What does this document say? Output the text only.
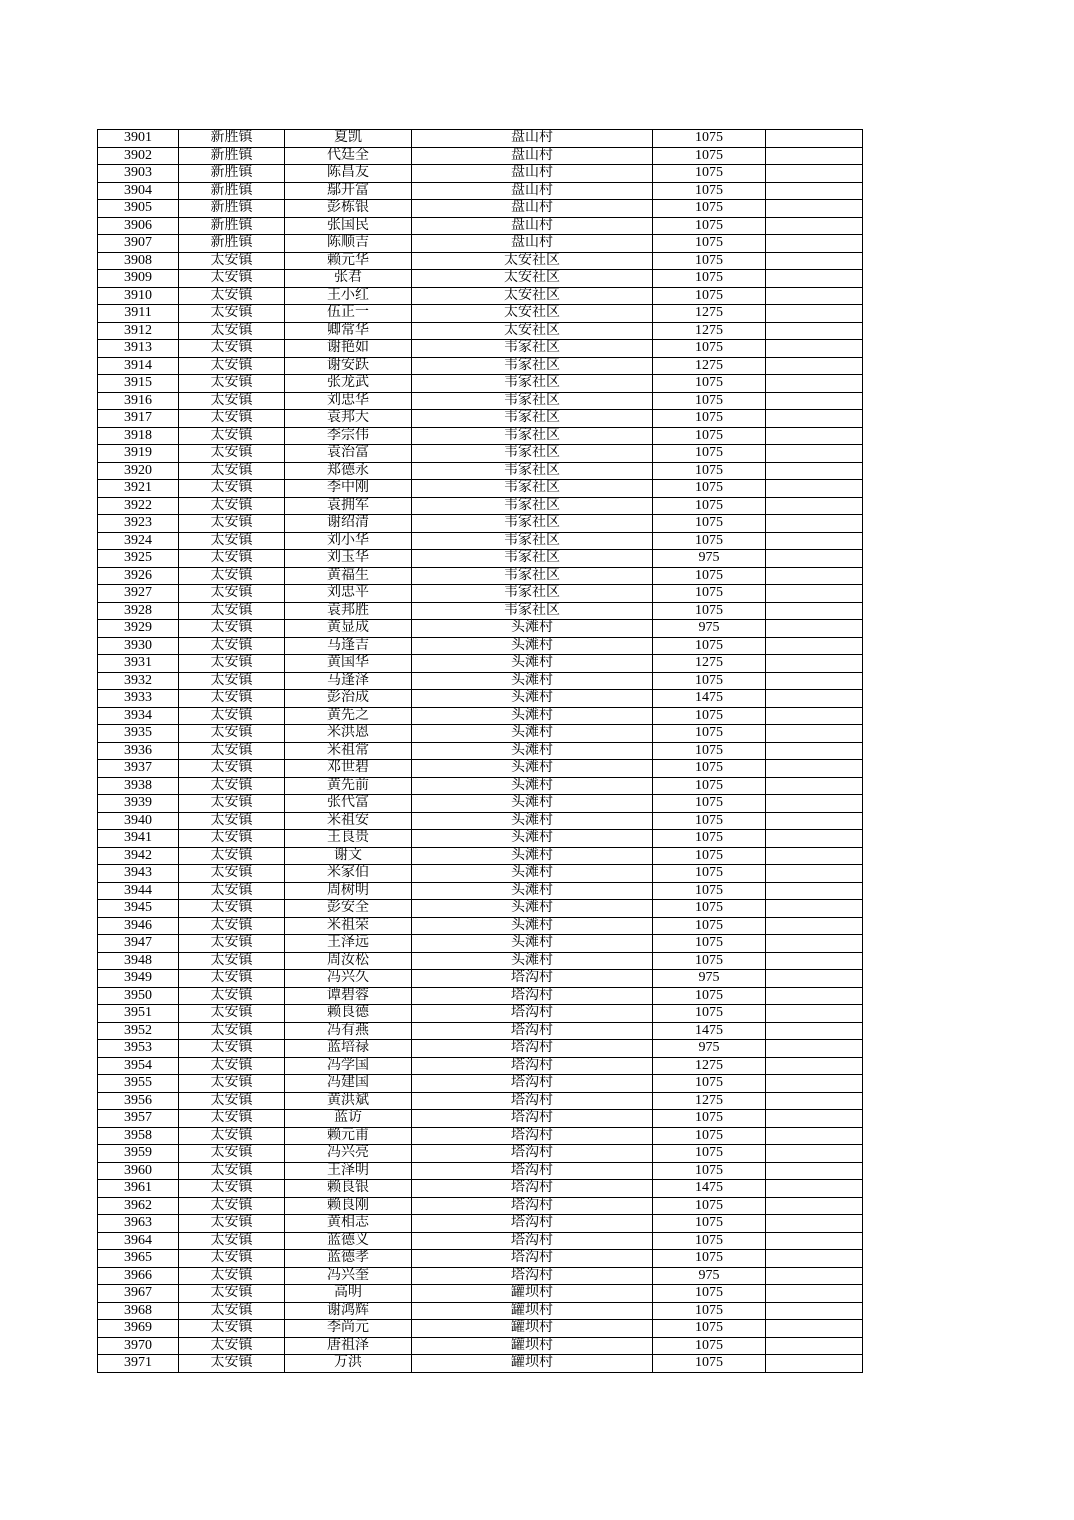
3901	新胜镇	夏凯	盘山村	1075	
3902	新胜镇	代廷全	盘山村	1075	
3903	新胜镇	陈昌友	盘山村	1075	
3904	新胜镇	鄢开富	盘山村	1075	
3905	新胜镇	彭栋银	盘山村	1075	
3906	新胜镇	张国民	盘山村	1075	
3907	新胜镇	陈顺吉	盘山村	1075	
3908	太安镇	赖元华	太安社区	1075	
3909	太安镇	张君	太安社区	1075	
3910	太安镇	王小红	太安社区	1075	
3911	太安镇	伍正一	太安社区	1275	
3912	太安镇	卿常华	太安社区	1275	
3913	太安镇	谢艳如	韦家社区	1075	
3914	太安镇	谢安跃	韦家社区	1275	
3915	太安镇	张龙武	韦家社区	1075	
3916	太安镇	刘忠华	韦家社区	1075	
3917	太安镇	袁邦大	韦家社区	1075	
3918	太安镇	李宗伟	韦家社区	1075	
3919	太安镇	袁治富	韦家社区	1075	
3920	太安镇	郑德永	韦家社区	1075	
3921	太安镇	李中刚	韦家社区	1075	
3922	太安镇	袁拥军	韦家社区	1075	
3923	太安镇	谢绍清	韦家社区	1075	
3924	太安镇	刘小华	韦家社区	1075	
3925	太安镇	刘玉华	韦家社区	975	
3926	太安镇	黄福生	韦家社区	1075	
3927	太安镇	刘忠平	韦家社区	1075	
3928	太安镇	袁邦胜	韦家社区	1075	
3929	太安镇	黄显成	头滩村	975	
3930	太安镇	马逢吉	头滩村	1075	
3931	太安镇	黄国华	头滩村	1275	
3932	太安镇	马逢泽	头滩村	1075	
3933	太安镇	彭治成	头滩村	1475	
3934	太安镇	黄先之	头滩村	1075	
3935	太安镇	米洪恩	头滩村	1075	
3936	太安镇	米祖常	头滩村	1075	
3937	太安镇	邓世碧	头滩村	1075	
3938	太安镇	黄先前	头滩村	1075	
3939	太安镇	张代富	头滩村	1075	
3940	太安镇	米祖安	头滩村	1075	
3941	太安镇	王良贵	头滩村	1075	
3942	太安镇	谢文	头滩村	1075	
3943	太安镇	米家伯	头滩村	1075	
3944	太安镇	周树明	头滩村	1075	
3945	太安镇	彭安全	头滩村	1075	
3946	太安镇	米祖荣	头滩村	1075	
3947	太安镇	王泽远	头滩村	1075	
3948	太安镇	周汝松	头滩村	1075	
3949	太安镇	冯兴久	塔沟村	975	
3950	太安镇	谭碧蓉	塔沟村	1075	
3951	太安镇	赖良德	塔沟村	1075	
3952	太安镇	冯有燕	塔沟村	1475	
3953	太安镇	蓝培禄	塔沟村	975	
3954	太安镇	冯学国	塔沟村	1275	
3955	太安镇	冯建国	塔沟村	1075	
3956	太安镇	黄洪斌	塔沟村	1275	
3957	太安镇	蓝访	塔沟村	1075	
3958	太安镇	赖元甫	塔沟村	1075	
3959	太安镇	冯兴亮	塔沟村	1075	
3960	太安镇	王泽明	塔沟村	1075	
3961	太安镇	赖良银	塔沟村	1475	
3962	太安镇	赖良刚	塔沟村	1075	
3963	太安镇	黄相志	塔沟村	1075	
3964	太安镇	蓝德义	塔沟村	1075	
3965	太安镇	蓝德孝	塔沟村	1075	
3966	太安镇	冯兴奎	塔沟村	975	
3967	太安镇	高明	罐坝村	1075	
3968	太安镇	谢鸿辉	罐坝村	1075	
3969	太安镇	李尚元	罐坝村	1075	
3970	太安镇	唐祖泽	罐坝村	1075	
3971	太安镇	万洪	罐坝村	1075	
